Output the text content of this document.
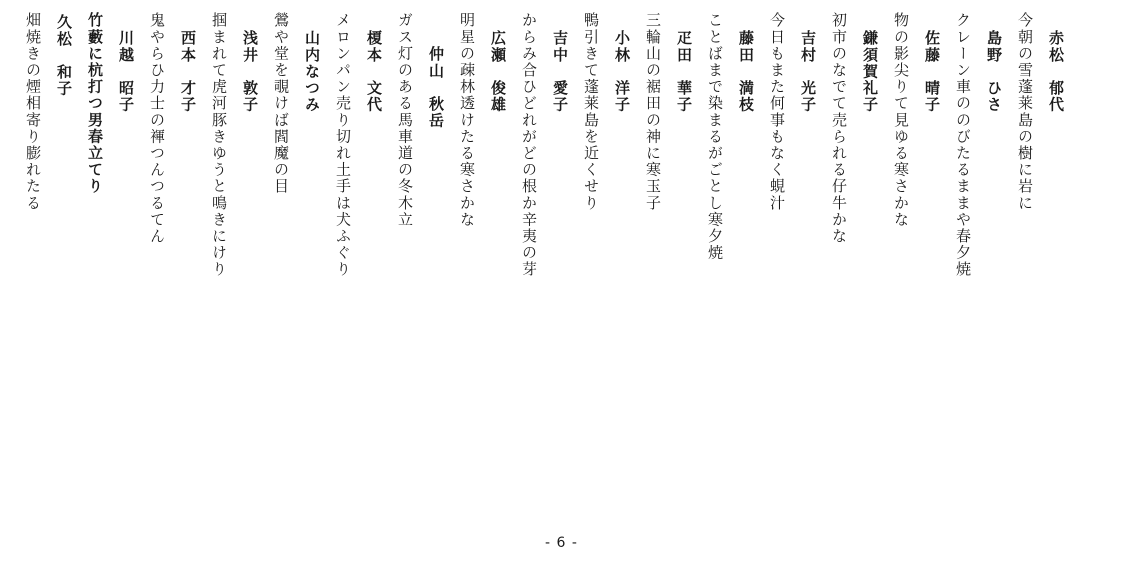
赤松　郁代
今朝の雪蓬莱島の樹に岩に
島野　ひさ
クレーン車ののびたるままや春夕焼
佐藤　晴子
物の影尖りて見ゆる寒さかな
鎌須賀礼子
初市のなでて売られる仔牛かな
吉村　光子
今日もまた何事もなく蜆汁
藤田　満枝
ことばまで染まるがごとし寒夕焼
疋田　華子
三輪山の裾田の神に寒玉子
小林　洋子
鴨引きて蓬莱島を近くせり
吉中　愛子
からみ合ひどれがどの根か辛夷の芽
広瀬　俊雄
明星の疎林透けたる寒さかな
仲山　秋岳
ガス灯のある馬車道の冬木立
榎本　文代
メロンパン売り切れ土手は犬ふぐり
山内なつみ
鶯や堂を覗けば閻魔の目
浅井　敦子
掴まれて虎河豚きゆうと鳴きにけり
西本　才子
鬼やらひ力士の褌つんつるてん
川越　昭子
竹藪に杭打つ男春立てり
久松　和子
畑焼きの煙相寄り膨れたる
- 6 -
